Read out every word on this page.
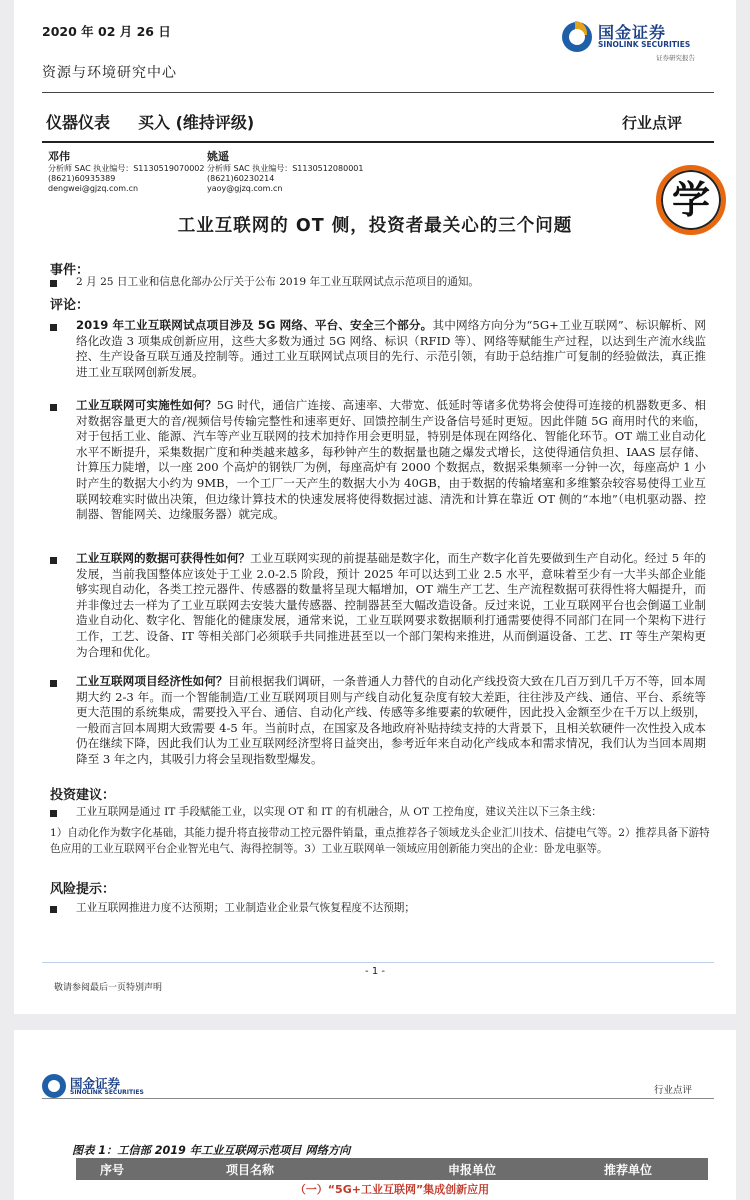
2020 年 02 月 26 日
资源与环境研究中心
国金证券
SINOLINK SECURITIES
证券研究报告
仪器仪表 买入 (维持评级)	行业点评
邓伟
分析师 SAC 执业编号：S1130519070002
(8621)60935389
dengwei@gjzq.com.cn
姚遥
分析师 SAC 执业编号：S1130512080001
(8621)60230214
yaoy@gjzq.com.cn	学
工业互联网的 OT 侧，投资者最关心的三个问题
事件：
2 月 25 日工业和信息化部办公厅关于公布 2019 年工业互联网试点示范项目的通知。
评论：
2019 年工业互联网试点项目涉及 5G 网络、平台、安全三个部分。其中网络方向分为“5G+工业互联网”、标识解析、网络化改造 3 项集成创新应用，这些大多数为通过 5G 网络、标识（RFID 等）、网络等赋能生产过程，以达到生产流水线监控、生产设备互联互通及控制等。通过工业互联网试点项目的先行、示范引领，有助于总结推广可复制的经验做法，真正推进工业互联网创新发展。
工业互联网可实施性如何？5G 时代，通信广连接、高速率、大带宽、低延时等诸多优势将会使得可连接的机器数更多、相对数据容量更大的音/视频信号传输完整性和速率更好、回馈控制生产设备信号延时更短。因此伴随 5G 商用时代的来临，对于包括工业、能源、汽车等产业互联网的技术加持作用会更明显，特别是体现在网络化、智能化环节。OT 端工业自动化水平不断提升，采集数据广度和种类越来越多，每秒钟产生的数据量也随之爆发式增长，这使得通信负担、IAAS 层存储、计算压力陡增，以一座 200 个高炉的钢铁厂为例，每座高炉有 2000 个数据点，数据采集频率一分钟一次，每座高炉 1 小时产生的数据大小约为 9MB，一个工厂一天产生的数据大小为 40GB，由于数据的传输堵塞和多维繁杂较容易使得工业互联网较难实时做出决策，但边缘计算技术的快速发展将使得数据过滤、清洗和计算在靠近 OT 侧的“本地”（电机驱动器、控制器、智能网关、边缘服务器）就完成。
工业互联网的数据可获得性如何？工业互联网实现的前提基础是数字化，而生产数字化首先要做到生产自动化。经过 5 年的发展，当前我国整体应该处于工业 2.0-2.5 阶段，预计 2025 年可以达到工业 2.5 水平，意味着至少有一大半头部企业能够实现自动化，各类工控元器件、传感器的数量将呈现大幅增加，OT 端生产工艺、生产流程数据可获得性将大幅提升，而并非像过去一样为了工业互联网去安装大量传感器、控制器甚至大幅改造设备。反过来说，工业互联网平台也会倒逼工业制造业自动化、数字化、智能化的健康发展，通常来说，工业互联网要求数据顺利打通需要使得不同部门在同一个架构下进行工作，工艺、设备、IT 等相关部门必须联手共同推进甚至以一个部门架构来推进，从而倒逼设备、工艺、IT 等生产架构更为合理和优化。
工业互联网项目经济性如何？目前根据我们调研，一条普通人力替代的自动化产线投资大致在几百万到几千万不等，回本周期大约 2-3 年。而一个智能制造/工业互联网项目则与产线自动化复杂度有较大差距，往往涉及产线、通信、平台、系统等更大范围的系统集成，需要投入平台、通信、自动化产线、传感等多维要素的软硬件，因此投入金额至少在千万以上级别，一般而言回本周期大致需要 4-5 年。当前时点，在国家及各地政府补贴持续支持的大背景下，且相关软硬件一次性投入成本仍在继续下降，因此我们认为工业互联网经济型将日益突出，参考近年来自动化产线成本和需求情况，我们认为当回本周期降至 3 年之内，其吸引力将会呈现指数型爆发。
投资建议：
工业互联网是通过 IT 手段赋能工业，以实现 OT 和 IT 的有机融合，从 OT 工控角度，建议关注以下三条主线：
1）自动化作为数字化基础，其能力提升将直接带动工控元器件销量，重点推荐各子领域龙头企业汇川技术、信捷电气等。2）推荐具备下游特色应用的工业互联网平台企业智光电气、海得控制等。3）工业互联网单一领域应用创新能力突出的企业：卧龙电驱等。
风险提示：
工业互联网推进力度不达预期；工业制造业企业景气恢复程度不达预期；
- 1 -
敬请参阅最后一页特别声明
国金证券
SINOLINK SECURITIES	行业点评
图表 1：工信部 2019 年工业互联网示范项目 网络方向
序号	项目名称	申报单位	推荐单位
（一）“5G+工业互联网”集成创新应用
